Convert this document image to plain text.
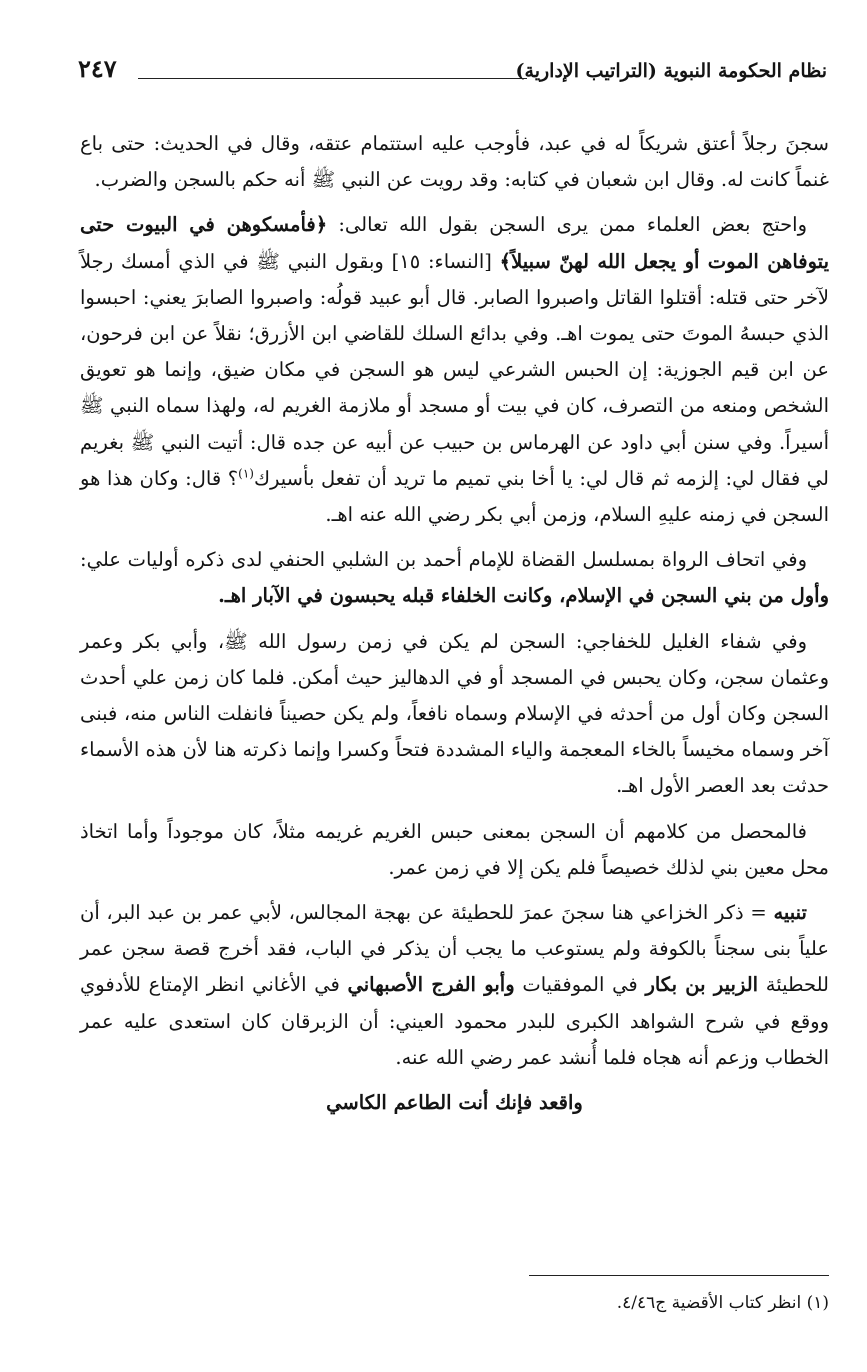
نظام الحكومة النبوية (التراتيب الإدارية)
٢٤٧

سجنَ رجلاً أعتق شريكاً له في عبد، فأوجب عليه استتمام عتقه، وقال في الحديث: حتى باع غنماً كانت له. وقال ابن شعبان في كتابه: وقد رويت عن النبي ﷺ أنه حكم بالسجن والضرب.

واحتج بعض العلماء ممن يرى السجن بقول الله تعالى: ﴿فأمسكوهن في البيوت حتى يتوفاهن الموت أو يجعل الله لهنّ سبيلاً﴾ [النساء: ١٥] وبقول النبي ﷺ في الذي أمسك رجلاً لآخر حتى قتله: أقتلوا القاتل واصبروا الصابر. قال أبو عبيد قولُه: واصبروا الصابرَ يعني: احبسوا الذي حبسهُ الموتَ حتى يموت اهـ. وفي بدائع السلك للقاضي ابن الأزرق؛ نقلاً عن ابن فرحون، عن ابن قيم الجوزية: إن الحبس الشرعي ليس هو السجن في مكان ضيق، وإنما هو تعويق الشخص ومنعه من التصرف، كان في بيت أو مسجد أو ملازمة الغريم له، ولهذا سماه النبي ﷺ أسيراً. وفي سنن أبي داود عن الهرماس بن حبيب عن أبيه عن جده قال: أتيت النبي ﷺ بغريم لي فقال لي: إلزمه ثم قال لي: يا أخا بني تميم ما تريد أن تفعل بأسيرك$^{(١)}$؟ قال: وكان هذا هو السجن في زمنه عليهِ السلام، وزمن أبي بكر رضي الله عنه اهـ.

وفي اتحاف الرواة بمسلسل القضاة للإمام أحمد بن الشلبي الحنفي لدى ذكره أوليات علي: وأول من بني السجن في الإسلام، وكانت الخلفاء قبله يحبسون في الآبار اهـ.

وفي شفاء الغليل للخفاجي: السجن لم يكن في زمن رسول الله ﷺ، وأبي بكر وعمر وعثمان سجن، وكان يحبس في المسجد أو في الدهاليز حيث أمكن. فلما كان زمن علي أحدث السجن وكان أول من أحدثه في الإسلام وسماه نافعاً، ولم يكن حصيناً فانفلت الناس منه، فبنى آخر وسماه مخيساً بالخاء المعجمة والياء المشددة فتحاً وكسرا وإنما ذكرته هنا لأن هذه الأسماء حدثت بعد العصر الأول اهـ.

فالمحصل من كلامهم أن السجن بمعنى حبس الغريم غريمه مثلاً، كان موجوداً وأما اتخاذ محل معين بني لذلك خصيصاً فلم يكن إلا في زمن عمر.

تنبيه = ذكر الخزاعي هنا سجنَ عمرَ للحطيئة عن بهجة المجالس، لأبي عمر بن عبد البر، أن علياً بنى سجناً بالكوفة ولم يستوعب ما يجب أن يذكر في الباب، فقد أخرج قصة سجن عمر للحطيئة الزبير بن بكار في الموفقيات وأبو الفرج الأصبهاني في الأغاني انظر الإمتاع للأدفوي ووقع في شرح الشواهد الكبرى للبدر محمود العيني: أن الزبرقان كان استعدى عليه عمر الخطاب وزعم أنه هجاه فلما أُنشد عمر رضي الله عنه.

واقعد فإنك أنت الطاعم الكاسي

(١) انظر كتاب الأقضية ج٤/٤٦.
